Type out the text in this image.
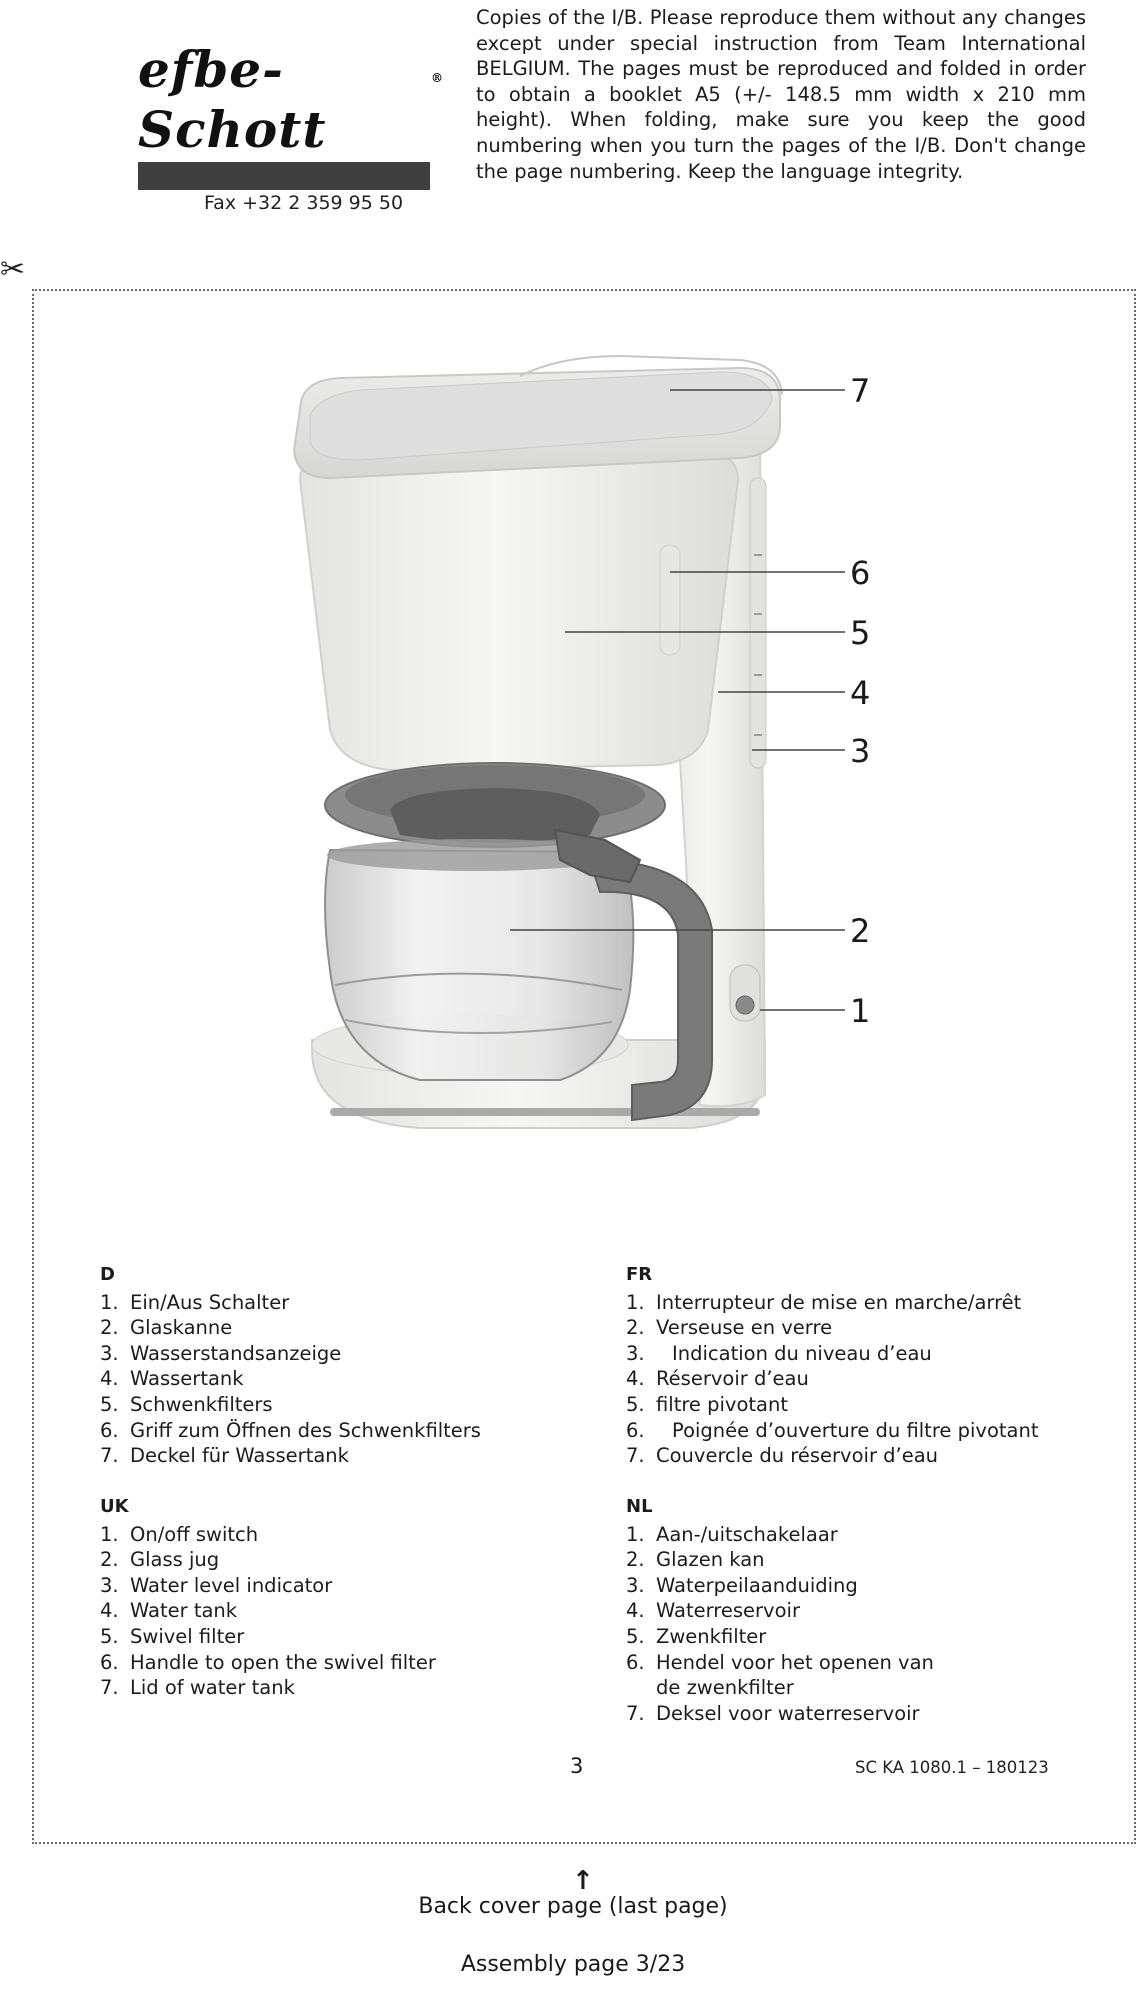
efbe-Schott
®
Fax +32 2 359 95 50
Copies of the I/B. Please reproduce them without any changes except under special instruction from Team International BELGIUM. The pages must be reproduced and folded in order to obtain a booklet A5 (+/- 148.5 mm width x 210 mm height). When folding, make sure you keep the good numbering when you turn the pages of the I/B. Don't change the page numbering. Keep the language integrity.
✂
7
6
5
4
3
2
1
D
1. Ein/Aus Schalter
2. Glaskanne
3. Wasserstandsanzeige
4. Wassertank
5. Schwenkfilters
6. Griff zum Öffnen des Schwenkfilters
7. Deckel für Wassertank
FR
1. Interrupteur de mise en marche/arrêt
2. Verseuse en verre
3.	Indication du niveau d’eau
4. Réservoir d’eau
5. filtre pivotant
6.	Poignée d’ouverture du filtre pivotant
7. Couvercle du réservoir d’eau
UK
1. On/off switch
2. Glass jug
3. Water level indicator
4. Water tank
5. Swivel filter
6. Handle to open the swivel filter
7. Lid of water tank
NL
1. Aan-/uitschakelaar
2. Glazen kan
3. Waterpeilaanduiding
4. Waterreservoir
5. Zwenkfilter
6. Hendel voor het openen van de zwenkfilter
7. Deksel voor waterreservoir
3	SC KA 1080.1 – 180123
↑
Back cover page (last page)
Assembly page 3/23
